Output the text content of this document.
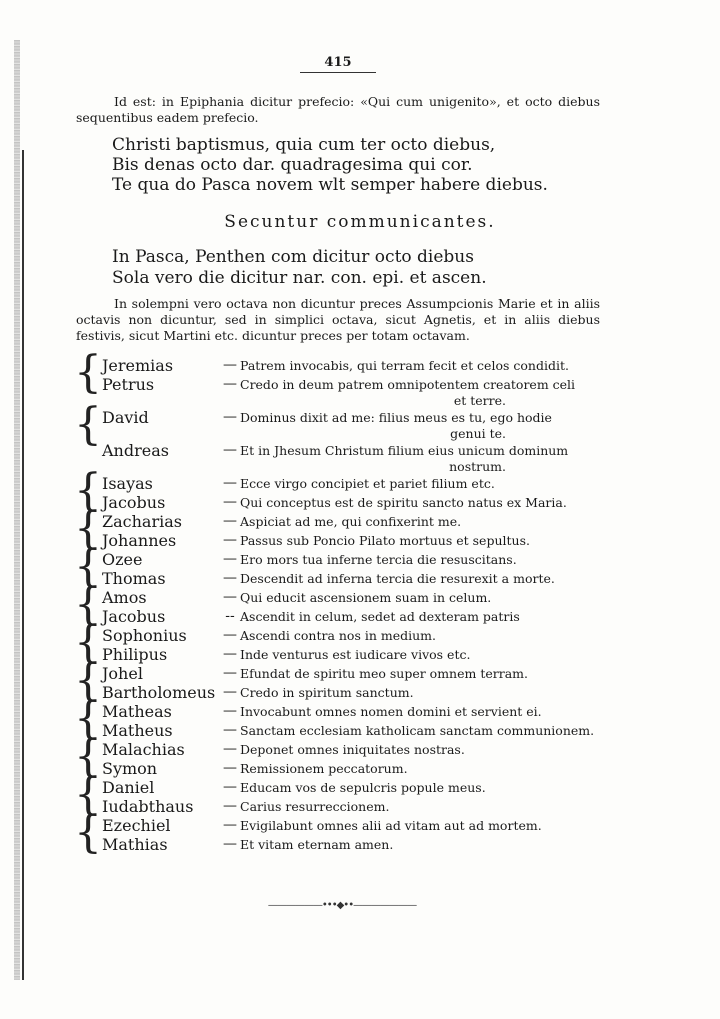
415
Id est: in Epiphania dicitur prefecio: «Qui cum unigenito», et octo diebus sequentibus eadem prefecio.
Christi baptismus, quia cum ter octo diebus,
Bis denas octo dar. quadragesima qui cor.
Te qua do Pasca novem wlt semper habere diebus.
Secuntur communicantes.
In Pasca, Penthen com dicitur octo diebus
Sola vero die dicitur nar. con. epi. et ascen.
In solempni vero octava non dicuntur preces Assumpcionis Marie et in aliis octavis non dicuntur, sed in simplici octava, sicut Agnetis, et in aliis diebus festivis, sicut Martini etc. dicuntur preces per totam octavam.
{	Jeremias	—	Patrem invocabis, qui terram fecit et celos condidit.
	Petrus	—	Credo in deum patrem omnipotentem creatorem celi
et terre.

{	David	—	Dominus dixit ad me: filius meus es tu, ego hodie
genui te.

	Andreas	—	Et in Jhesum Christum filium eius unicum dominum
nostrum.

{	Isayas	—	Ecce virgo concipiet et pariet filium etc.
	Jacobus	—	Qui conceptus est de spiritu sancto natus ex Maria.
{	Zacharias	—	Aspiciat ad me, qui confixerint me.
	Johannes	—	Passus sub Poncio Pilato mortuus et sepultus.
{	Ozee	—	Ero mors tua inferne tercia die resuscitans.
	Thomas	—	Descendit ad inferna tercia die resurexit a morte.
{	Amos	—	Qui educit ascensionem suam in celum.
	Jacobus	--	Ascendit in celum, sedet ad dexteram patris
{	Sophonius	—	Ascendi contra nos in medium.
	Philipus	—	Inde venturus est iudicare vivos etc.
{	Johel	—	Efundat de spiritu meo super omnem terram.
	Bartholomeus	—	Credo in spiritum sanctum.
{	Matheas	—	Invocabunt omnes nomen domini et servient ei.
	Matheus	—	Sanctam ecclesiam katholicam sanctam communionem.
{	Malachias	—	Deponet omnes iniquitates nostras.
	Symon	—	Remissionem peccatorum.
{	Daniel	—	Educam vos de sepulcris popule meus.
	Iudabthaus	—	Carius resurreccionem.
{	Ezechiel	—	Evigilabunt omnes alii ad vitam aut ad mortem.
	Mathias	—	Et vitam eternam amen.
——————•••◆••———————
